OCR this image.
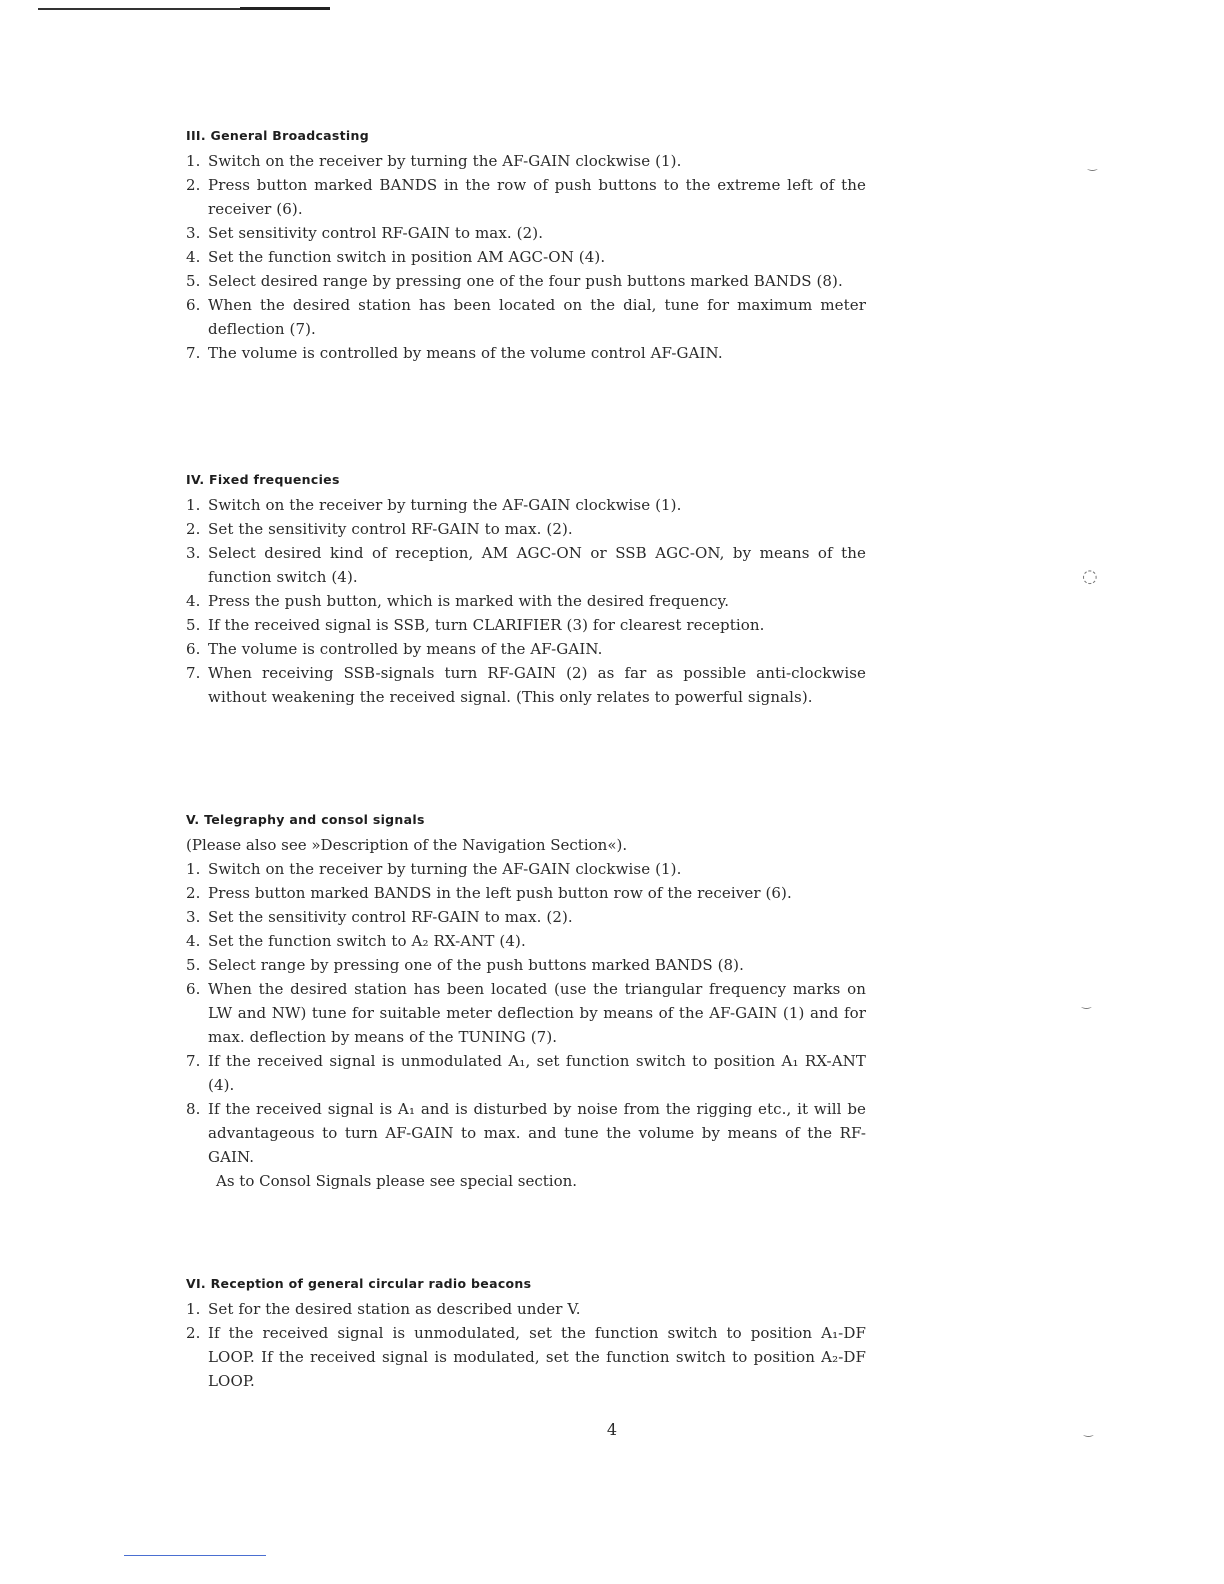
III. General Broadcasting
1. Switch on the receiver by turning the AF-GAIN clockwise (1).
2. Press button marked BANDS in the row of push buttons to the extreme left of the receiver (6).
3. Set sensitivity control RF-GAIN to max. (2).
4. Set the function switch in position AM AGC-ON (4).
5. Select desired range by pressing one of the four push buttons marked BANDS (8).
6. When the desired station has been located on the dial, tune for maximum meter deflection (7).
7. The volume is controlled by means of the volume control AF-GAIN.
IV. Fixed frequencies
1. Switch on the receiver by turning the AF-GAIN clockwise (1).
2. Set the sensitivity control RF-GAIN to max. (2).
3. Select desired kind of reception, AM AGC-ON or SSB AGC-ON, by means of the function switch (4).
4. Press the push button, which is marked with the desired frequency.
5. If the received signal is SSB, turn CLARIFIER (3) for clearest reception.
6. The volume is controlled by means of the AF-GAIN.
7. When receiving SSB-signals turn RF-GAIN (2) as far as possible anti-clockwise without weakening the received signal. (This only relates to powerful signals).
V. Telegraphy and consol signals

(Please also see »Description of the Navigation Section«).

1. Switch on the receiver by turning the AF-GAIN clockwise (1).
2. Press button marked BANDS in the left push button row of the receiver (6).
3. Set the sensitivity control RF-GAIN to max. (2).
4. Set the function switch to A₂ RX-ANT (4).
5. Select range by pressing one of the push buttons marked BANDS (8).
6. When the desired station has been located (use the triangular frequency marks on LW and NW) tune for suitable meter deflection by means of the AF-GAIN (1) and for max. deflection by means of the TUNING (7).
7. If the received signal is unmodulated A₁, set function switch to position A₁ RX-ANT (4).
8. If the received signal is A₁ and is disturbed by noise from the rigging etc., it will be advantageous to turn AF-GAIN to max. and tune the volume by means of the RF-GAIN.

As to Consol Signals please see special section.

VI. Reception of general circular radio beacons
1. Set for the desired station as described under V.
2. If the received signal is unmodulated, set the function switch to position A₁-DF LOOP. If the received signal is modulated, set the function switch to position A₂-DF LOOP.
4
‿
◌
‿
‿
